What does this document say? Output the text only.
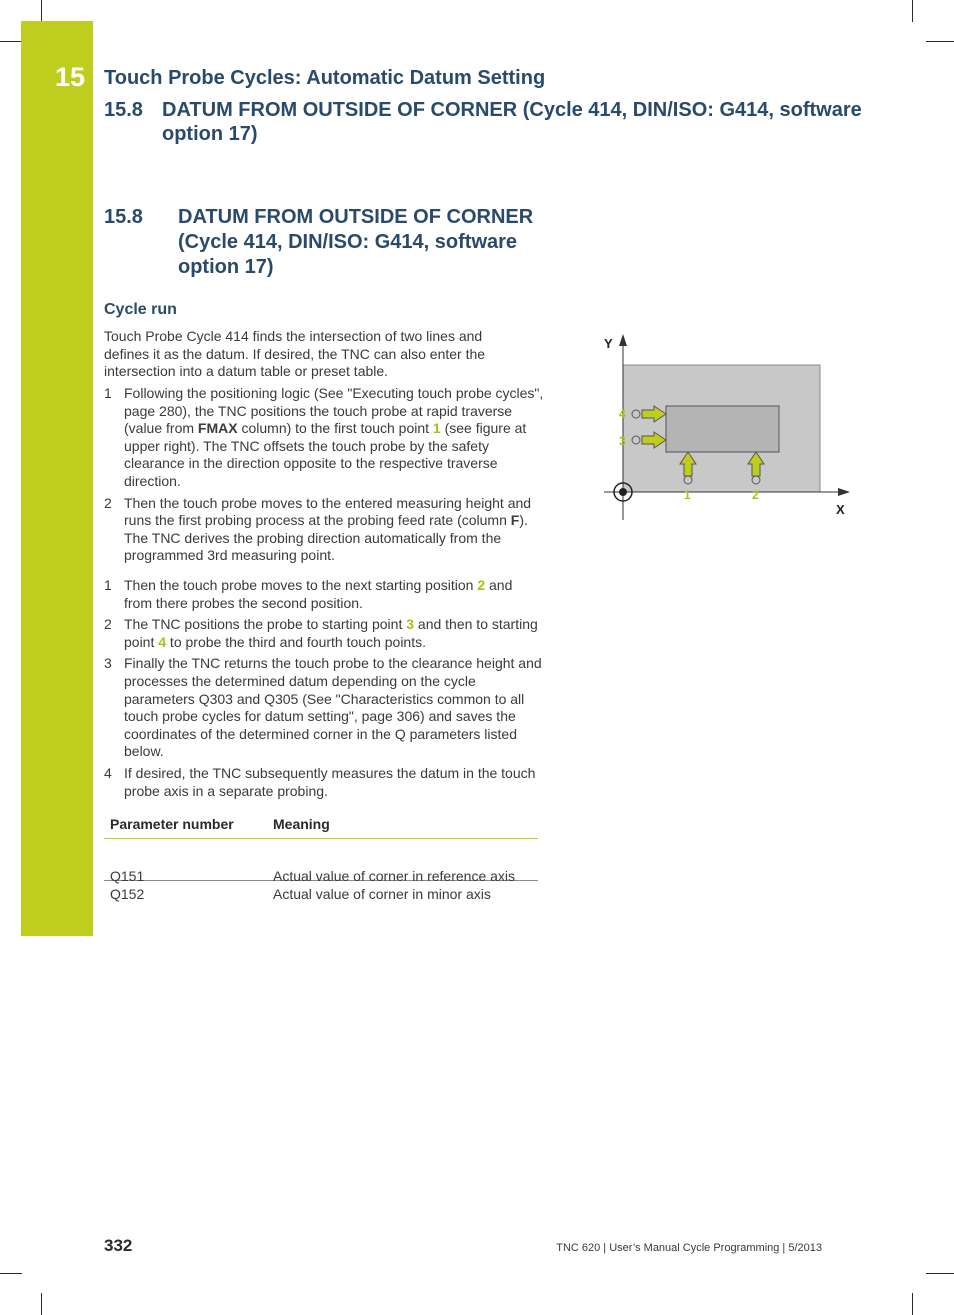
15 Touch Probe Cycles: Automatic Datum Setting
15.8 DATUM FROM OUTSIDE OF CORNER (Cycle 414, DIN/ISO: G414, software option 17)
15.8 DATUM FROM OUTSIDE OF CORNER (Cycle 414, DIN/ISO: G414, software option 17)
Cycle run
Touch Probe Cycle 414 finds the intersection of two lines and defines it as the datum. If desired, the TNC can also enter the intersection into a datum table or preset table.
1 Following the positioning logic (See "Executing touch probe cycles", page 280), the TNC positions the touch probe at rapid traverse (value from FMAX column) to the first touch point 1 (see figure at upper right). The TNC offsets the touch probe by the safety clearance in the direction opposite to the respective traverse direction.
2 Then the touch probe moves to the entered measuring height and runs the first probing process at the probing feed rate (column F). The TNC derives the probing direction automatically from the programmed 3rd measuring point.
1 Then the touch probe moves to the next starting position 2 and from there probes the second position.
2 The TNC positions the probe to starting point 3 and then to starting point 4 to probe the third and fourth touch points.
3 Finally the TNC returns the touch probe to the clearance height and processes the determined datum depending on the cycle parameters Q303 and Q305 (See "Characteristics common to all touch probe cycles for datum setting", page 306) and saves the coordinates of the determined corner in the Q parameters listed below.
4 If desired, the TNC subsequently measures the datum in the touch probe axis in a separate probing.
Parameter number	Meaning
Q151	Actual value of corner in reference axis
Q152	Actual value of corner in minor axis
Y
X
1	2
3
4
332	TNC 620 | User’s Manual Cycle Programming | 5/2013
